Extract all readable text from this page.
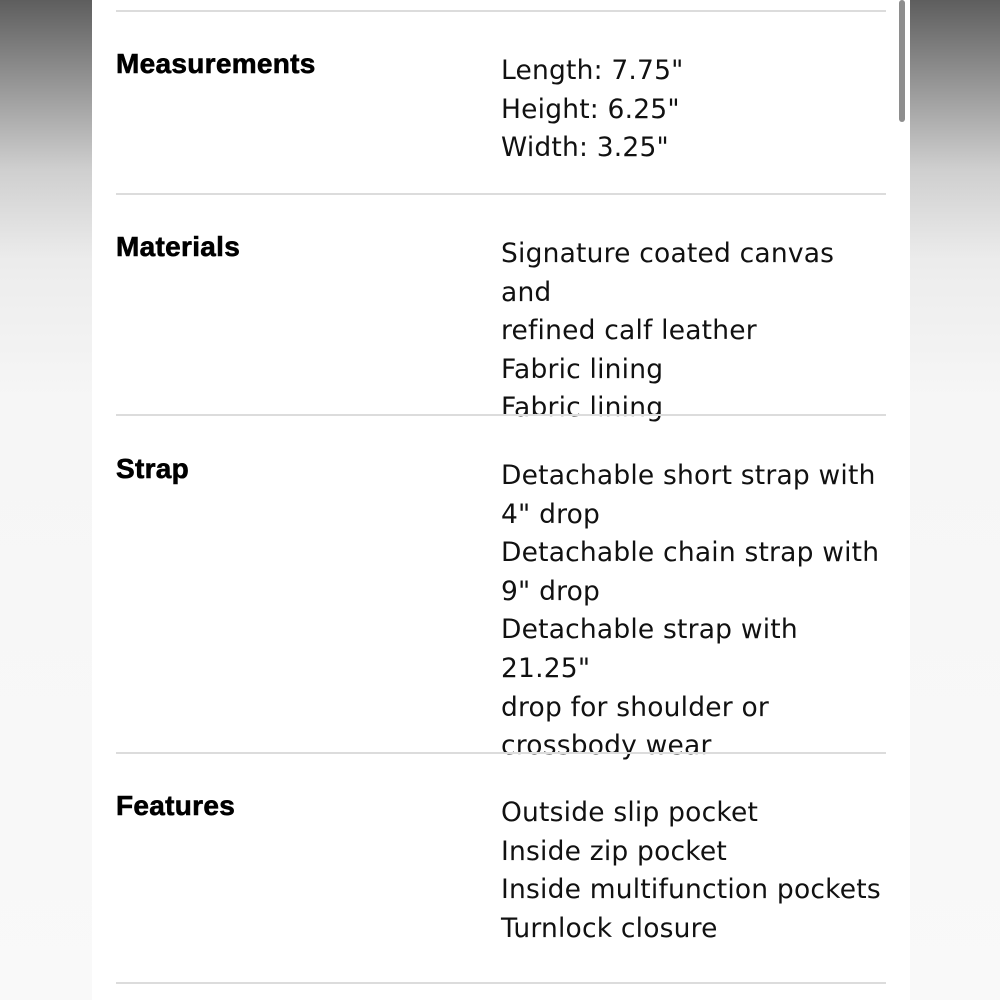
Measurements	Length: 7.75"
Height: 6.25"
Width: 3.25"
Materials	Signature coated canvas and
refined calf leather
Fabric lining
Fabric lining
Strap	Detachable short strap with
4" drop
Detachable chain strap with
9" drop
Detachable strap with 21.25"
drop for shoulder or
crossbody wear
Features	Outside slip pocket
Inside zip pocket
Inside multifunction pockets
Turnlock closure
